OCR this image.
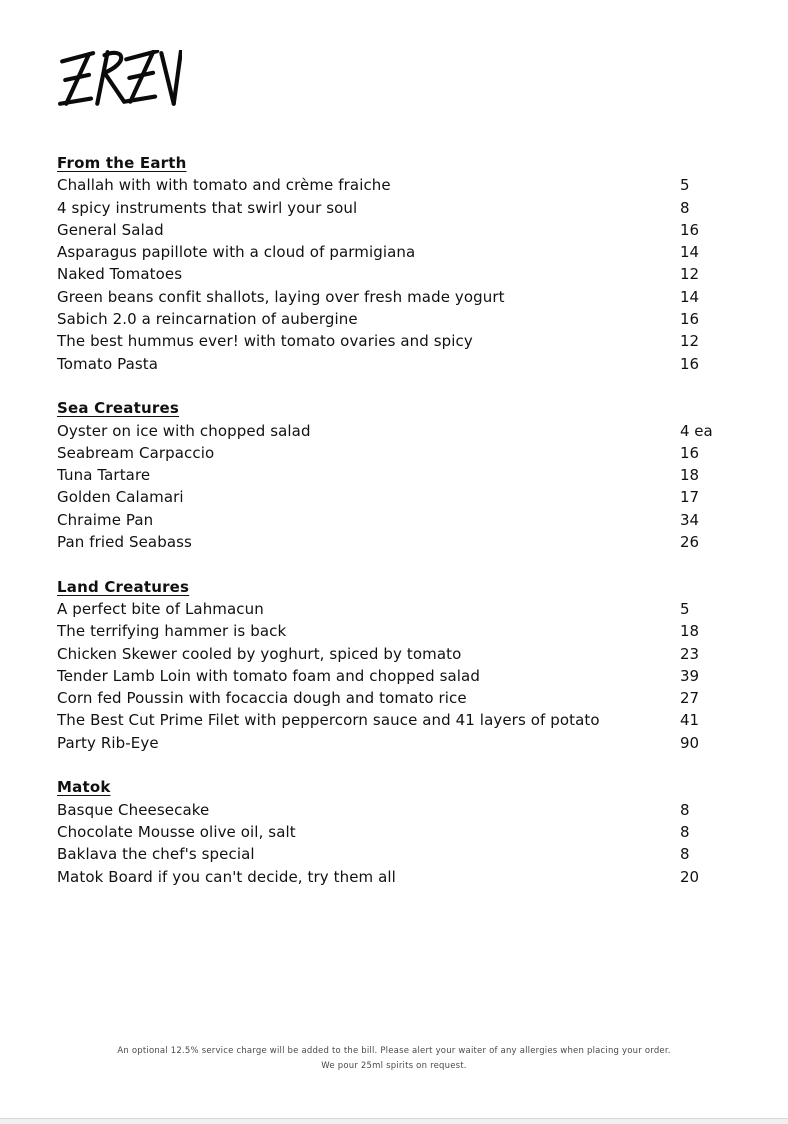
From the Earth
Challah with with tomato and crème fraiche	5
4 spicy instruments that swirl your soul	8
General Salad	16
Asparagus papillote with a cloud of parmigiana	14
Naked Tomatoes	12
Green beans confit shallots, laying over fresh made yogurt	14
Sabich 2.0 a reincarnation of aubergine	16
The best hummus ever! with tomato ovaries and spicy	12
Tomato Pasta	16
Sea Creatures
Oyster on ice with chopped salad	4 ea
Seabream Carpaccio	16
Tuna Tartare	18
Golden Calamari	17
Chraime Pan	34
Pan fried Seabass	26
Land Creatures
A perfect bite of Lahmacun	5
The terrifying hammer is back	18
Chicken Skewer cooled by yoghurt, spiced by tomato	23
Tender Lamb Loin with tomato foam and chopped salad	39
Corn fed Poussin with focaccia dough and tomato rice	27
The Best Cut Prime Filet with peppercorn sauce and 41 layers of potato	41
Party Rib-Eye	90
Matok
Basque Cheesecake	8
Chocolate Mousse olive oil, salt	8
Baklava the chef's special	8
Matok Board if you can't decide, try them all	20

An optional 12.5% service charge will be added to the bill. Please alert your waiter of any allergies when placing your order.

We pour 25ml spirits on request.
